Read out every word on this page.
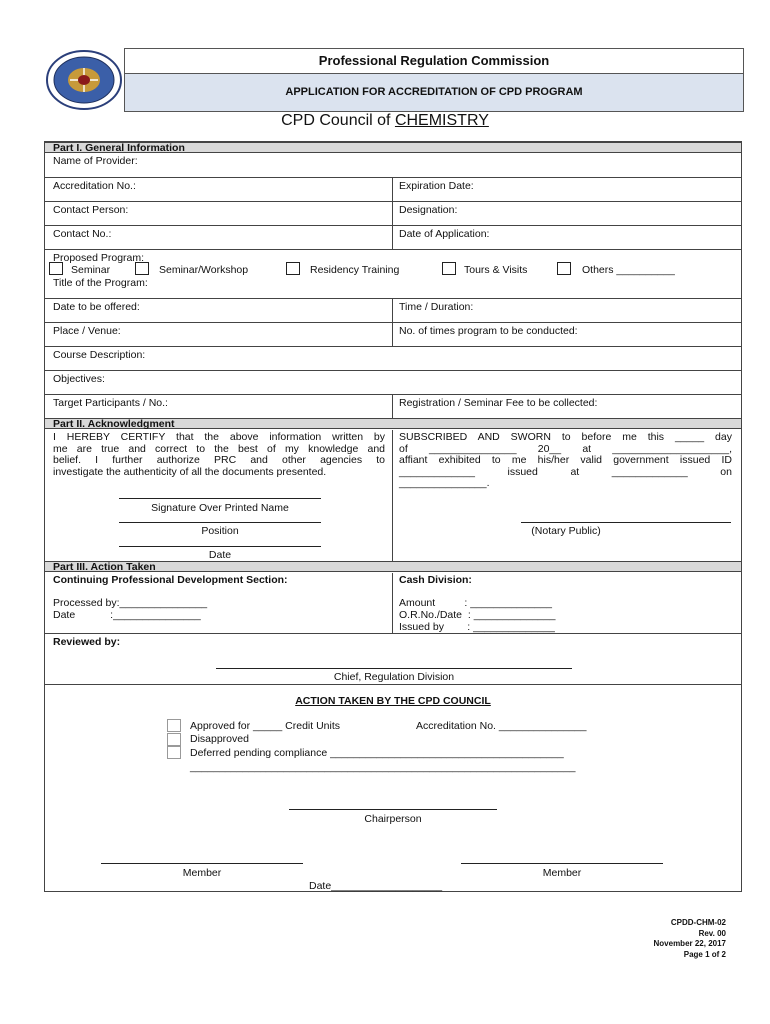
Professional Regulation Commission
APPLICATION FOR ACCREDITATION OF CPD PROGRAM
CPD Council of CHEMISTRY
Part I. General Information
Name of Provider:
Accreditation No.:	Expiration Date:
Contact Person:	Designation:
Contact No.:	Date of Application:
Proposed Program:
Seminar	Seminar/Workshop	Residency Training	Tours & Visits	Others __________
Title of the Program:
Date to be offered:	Time / Duration:
Place / Venue:	No. of times program to be conducted:
Course Description:
Objectives:
Target Participants / No.:	Registration / Seminar Fee to be collected:
Part II. Acknowledgment
I HEREBY CERTIFY that the above information written by
me are true and correct to the best of my knowledge and
belief. I further authorize PRC and other agencies to
investigate the authenticity of all the documents presented.
SUBSCRIBED AND SWORN to before me this _____ day
of _______________ 20__ at ____________________,
affiant exhibited to me his/her valid government issued ID
_____________ issued at _____________ on
_______________.
Signature Over Printed Name
Position
Date
(Notary Public)
Part III. Action Taken
Continuing Professional Development Section:	Cash Division:
Processed by:_______________
Date            :_______________
Amount          : ______________
O.R.No./Date  : ______________
Issued by        : ______________
Reviewed by:
Chief, Regulation Division
ACTION TAKEN BY THE CPD COUNCIL
Approved for _____ Credit Units	Accreditation No. _______________
Disapproved
Deferred pending compliance ________________________________________
__________________________________________________________________
Chairperson
Member	Member
Date___________________
CPDD-CHM-02
Rev. 00
November 22, 2017
Page 1 of 2
